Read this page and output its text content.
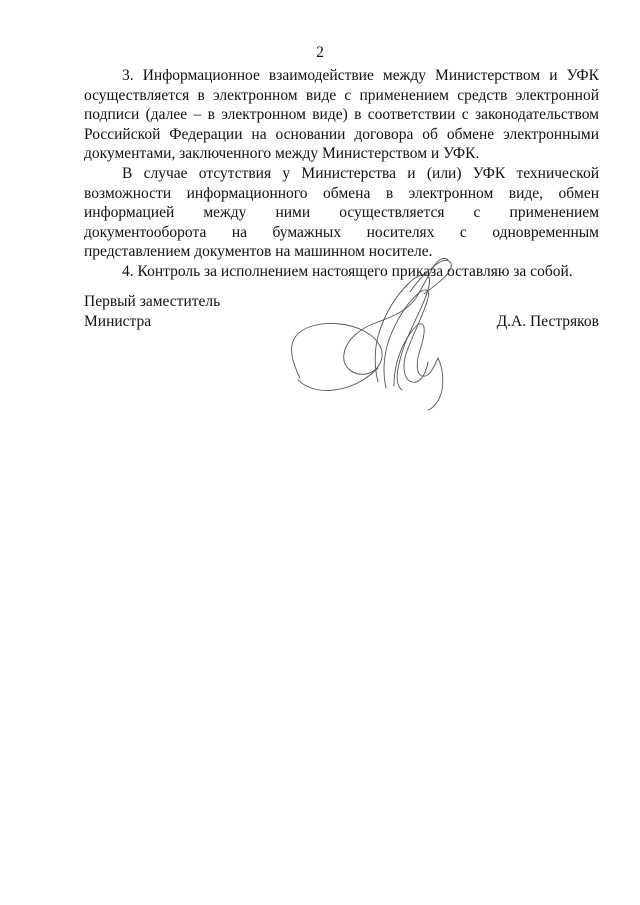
2

3. Информационное взаимодействие между Министерством и УФК осуществляется в электронном виде с применением средств электронной подписи (далее – в электронном виде) в соответствии с законодательством Российской Федерации на основании договора об обмене электронными документами, заключенного между Министерством и УФК.

В случае отсутствия у Министерства и (или) УФК технической возможности информационного обмена в электронном виде, обмен информацией между ними осуществляется с применением документооборота на бумажных носителях с одновременным представлением документов на машинном носителе.

4. Контроль за исполнением настоящего приказа оставляю за собой.

Первый заместитель
Министра	Д.А. Пестряков
